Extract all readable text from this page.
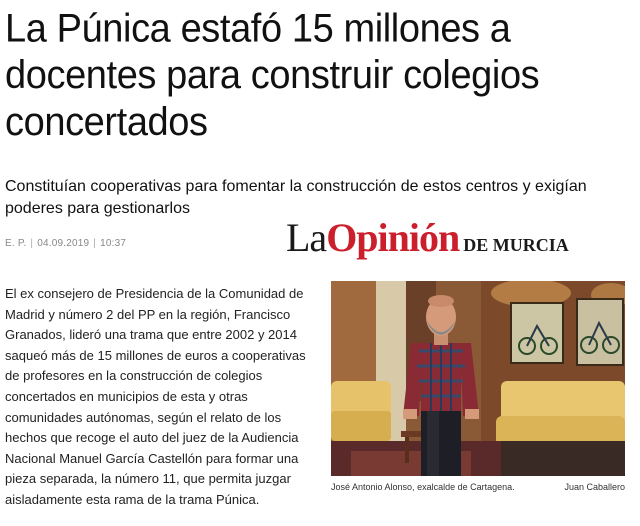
La Púnica estafó 15 millones a docentes para construir colegios concertados

Constituían cooperativas para fomentar la construcción de estos centros y exigían poderes para gestionarlos

E. P. | 04.09.2019 | 10:37	LaOpinión DE MURCIA

El ex consejero de Presidencia de la Comunidad de Madrid y número 2 del PP en la región, Francisco Granados, lideró una trama que entre 2002 y 2014 saqueó más de 15 millones de euros a cooperativas de profesores en la construcción de colegios concertados en municipios de esta y otras comunidades autónomas, según el relato de los hechos que recoge el auto del juez de la Audiencia Nacional Manuel García Castellón para formar una pieza separada, la número 11, que permita juzgar aisladamente esta rama de la trama Púnica.

José Antonio Alonso, exalcalde de Cartagena.	Juan Caballero
